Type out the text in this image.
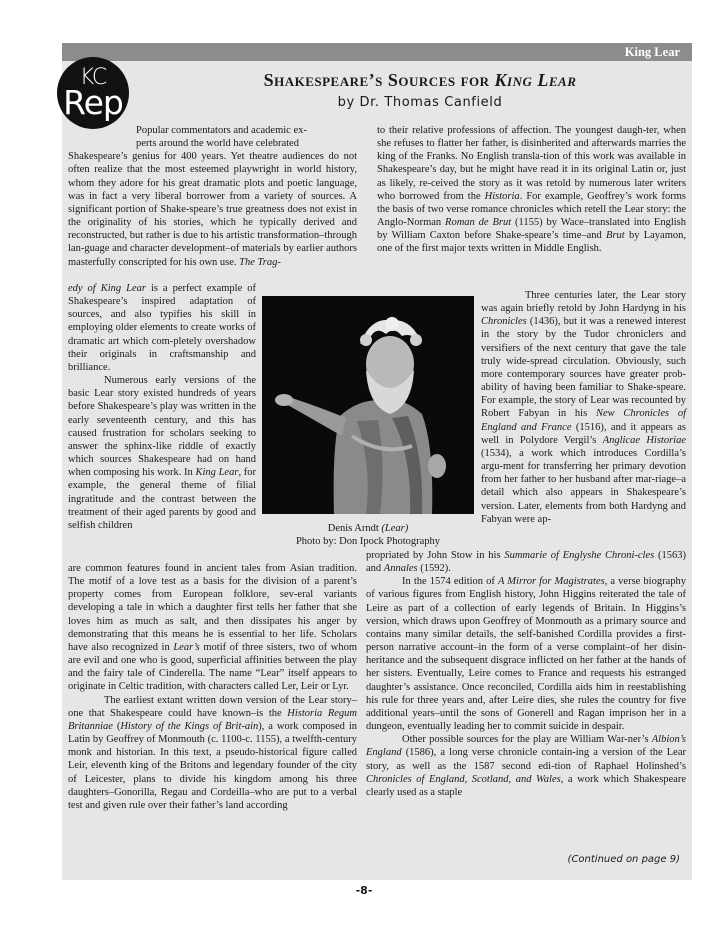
King Lear
KC
Rep
Shakespeare’s Sources for King Lear
by Dr. Thomas Canfield

Popular commentators and academic ex-

perts around the world have celebrated

Shakespeare’s genius for 400 years. Yet theatre audiences do not often realize that the most esteemed playwright in world history, whom they adore for his great dramatic plots and poetic language, was in fact a very liberal borrower from a variety of sources. A significant portion of Shake-speare’s true greatness does not exist in the originality of his stories, which he typically derived and reconstructed, but rather is due to his artistic transformation–through lan-guage and character development–of materials by earlier authors masterfully conscripted for his own use. The Trag-

edy of King Lear is a perfect example of Shakespeare’s inspired adaptation of sources, and also typifies his skill in employing older elements to create works of dramatic art which com-pletely overshadow their originals in craftsmanship and brilliance.

Numerous early versions of the basic Lear story existed hundreds of years before Shakespeare’s play was written in the early seventeenth century, and this has caused frustration for scholars seeking to answer the sphinx-like riddle of exactly which sources Shakespeare had on hand when composing his work. In King Lear, for example, the general theme of filial ingratitude and the contrast between the treatment of their aged parents by good and selfish children

are common features found in ancient tales from Asian tradition. The motif of a love test as a basis for the division of a parent’s property comes from European folklore, sev-eral variants developing a tale in which a daughter first tells her father that she loves him as much as salt, and then dissipates his anger by demonstrating that this means he is essential to her life. Scholars have also recognized in Lear’s motif of three sisters, two of whom are evil and one who is good, superficial affinities between the play and the fairy tale of Cinderella. The name “Lear” itself appears to originate in Celtic tradition, with characters called Ler, Leir or Lyr.

The earliest extant written down version of the Lear story–one that Shakespeare could have known–is the Historia Regum Britanniae (History of the Kings of Brit-ain), a work composed in Latin by Geoffrey of Monmouth (c. 1100-c. 1155), a twelfth-century monk and historian. In this text, a pseudo-historical figure called Leir, eleventh king of the Britons and legendary founder of the city of Leicester, plans to divide his kingdom among his three daughters–Gonorilla, Regau and Cordeilla–who are put to a verbal test and given rule over their father’s land according

to their relative professions of affection. The youngest daugh-ter, when she refuses to flatter her father, is disinherited and afterwards marries the king of the Franks. No English transla-tion of this work was available in Shakespeare’s day, but he might have read it in its original Latin or, just as likely, re-ceived the story as it was retold by numerous later writers who borrowed from the Historia. For example, Geoffrey’s work forms the basis of two verse romance chronicles which retell the Lear story: the Anglo-Norman Roman de Brut (1155) by Wace–translated into English by William Caxton before Shake-speare’s time–and Brut by Layamon, one of the first major texts written in Middle English.

Three centuries later, the Lear story was again briefly retold by John Hardyng in his Chronicles (1436), but it was a renewed interest in the story by the Tudor chroniclers and versifiers of the next century that gave the tale truly wide-spread circulation. Obviously, such more contemporary sources have greater prob-ability of having been familiar to Shake-speare. For example, the story of Lear was recounted by Robert Fabyan in his New Chronicles of England and France (1516), and it appears as well in Polydore Vergil’s Anglicae Historiae (1534), a work which introduces Cordilla’s argu-ment for transferring her primary devotion from her father to her husband after mar-riage–a detail which also appears in Shakespeare’s version. Later, elements from both Hardyng and Fabyan were ap-

propriated by John Stow in his Summarie of Englyshe Chroni-cles (1563) and Annales (1592).

In the 1574 edition of A Mirror for Magistrates, a verse biography of various figures from English history, John Higgins reiterated the tale of Leire as part of a collection of early legends of Britain. In Higgins’s version, which draws upon Geoffrey of Monmouth as a primary source and contains many similar details, the self-banished Cordilla provides a first-person narrative account–in the form of a verse complaint–of her disin-heritance and the subsequent disgrace inflicted on her father at the hands of her sisters. Eventually, Leire comes to France and requests his estranged daughter’s assistance. Once reconciled, Cordilla aids him in reestablishing his rule for three years and, after Leire dies, she rules the country for five additional years–until the sons of Gonerell and Ragan imprison her in a dungeon, eventually leading her to commit suicide in despair.

Other possible sources for the play are William War-ner’s Albion’s England (1586), a long verse chronicle contain-ing a version of the Lear story, as well as the 1587 second edi-tion of Raphael Holinshed’s Chronicles of England, Scotland, and Wales, a work which Shakespeare clearly used as a staple

Denis Arndt (Lear)
Photo by: Don Ipock Photography
(Continued on page 9)
-8-
